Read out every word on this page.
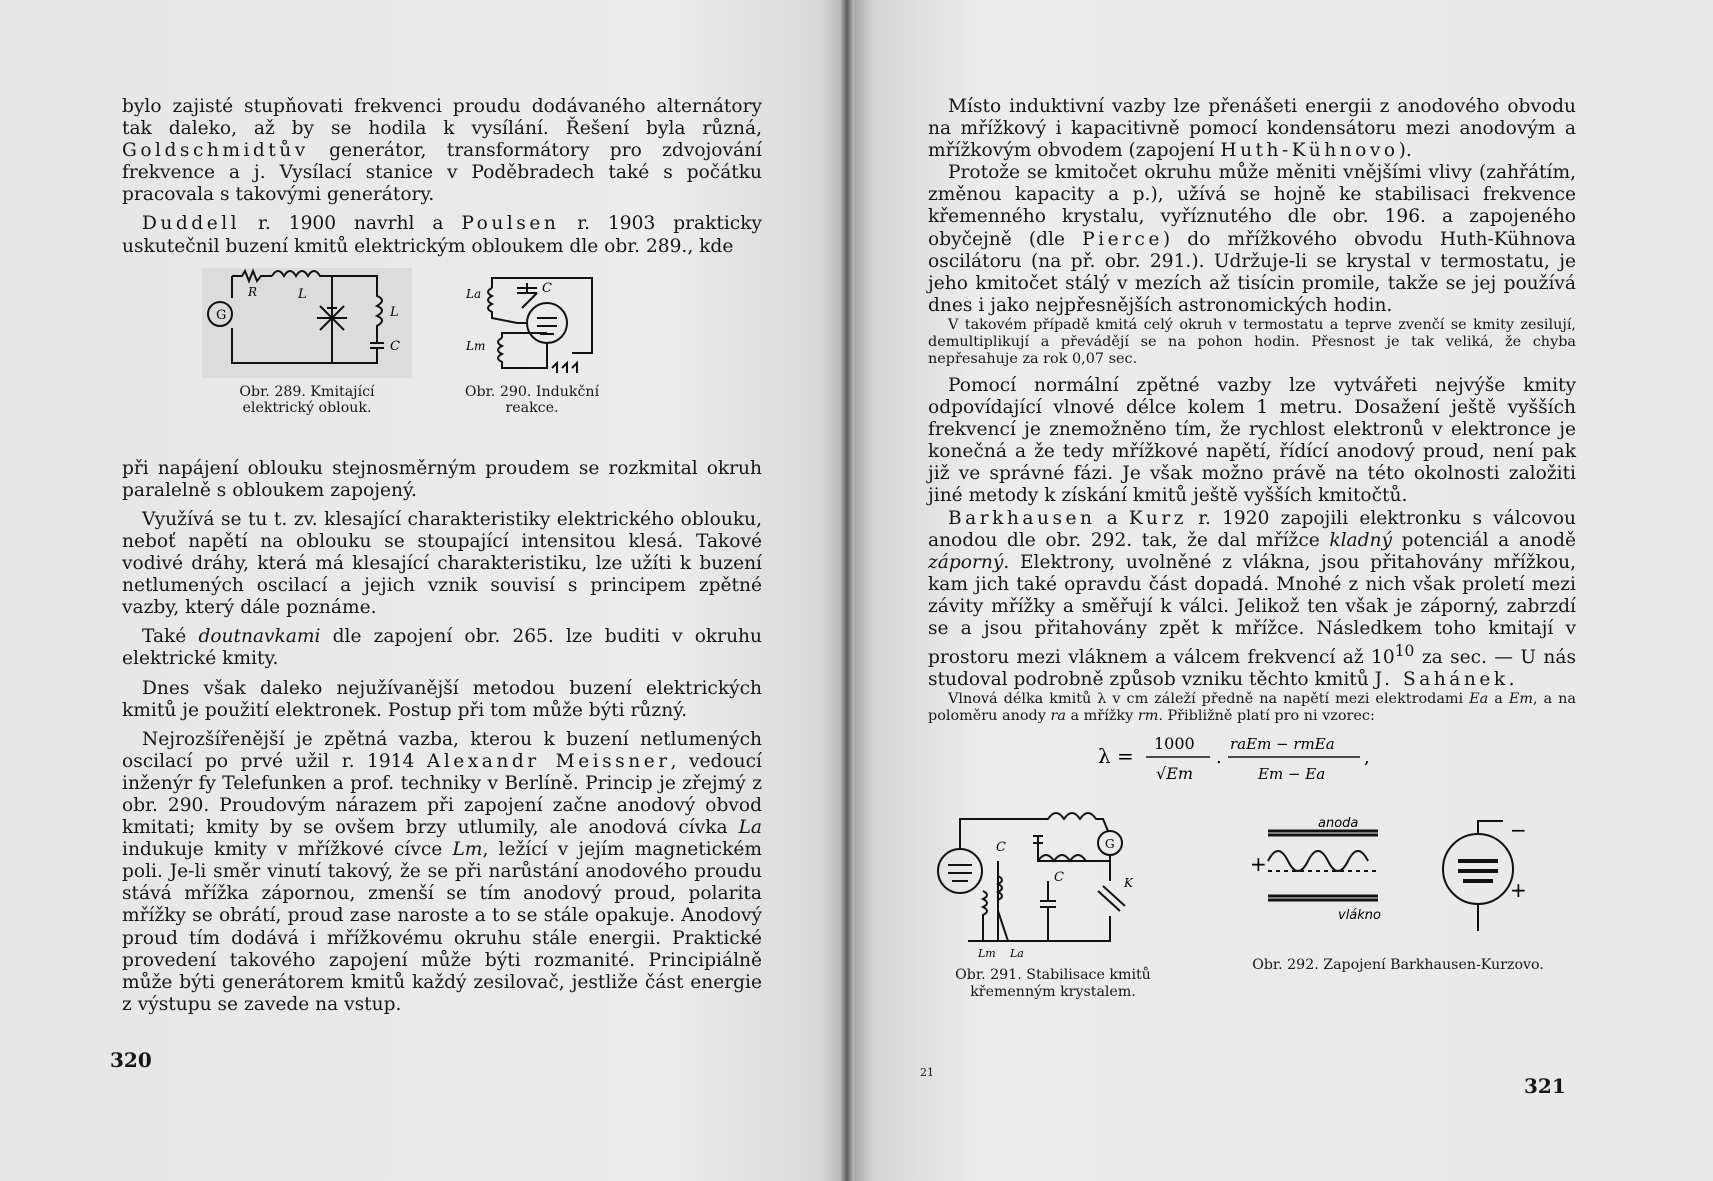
bylo zajisté stupňovati frekvenci proudu dodávaného alternátory tak daleko, až by se hodila k vysílání. Řešení byla různá, Goldschmidtův generátor, transformátory pro zdvojování frekvence a j. Vysílací stanice v Poděbradech také s počátku pracovala s takovými generátory.

Duddell r. 1900 navrhl a Poulsen r. 1903 prakticky uskutečnil buzení kmitů elektrickým obloukem dle obr. 289., kde

G
R	L
L
C
Obr. 289. Kmitající elektrický oblouk.
La
Lm
C
Obr. 290. Indukční reakce.

při napájení oblouku stejnosměrným proudem se rozkmital okruh paralelně s obloukem zapojený.

Využívá se tu t. zv. klesající charakteristiky elektrického oblouku, neboť napětí na oblouku se stoupající intensitou klesá. Takové vodivé dráhy, která má klesající charakteristiku, lze užíti k buzení netlumených oscilací a jejich vznik souvisí s principem zpětné vazby, který dále poznáme.

Také doutnavkami dle zapojení obr. 265. lze buditi v okruhu elektrické kmity.

Dnes však daleko nejužívanější metodou buzení elektrických kmitů je použití elektronek. Postup při tom může býti různý.

Nejrozšířenější je zpětná vazba, kterou k buzení netlumených oscilací po prvé užil r. 1914 Alexandr Meissner, vedoucí inženýr fy Telefunken a prof. techniky v Berlíně. Princip je zřejmý z obr. 290. Proudovým nárazem při zapojení začne anodový obvod kmitati; kmity by se ovšem brzy utlumily, ale anodová cívka La indukuje kmity v mřížkové cívce Lm, ležící v jejím magnetickém poli. Je-li směr vinutí takový, že se při narůstání anodového proudu stává mřížka zápornou, zmenší se tím anodový proud, polarita mřížky se obrátí, proud zase naroste a to se stále opakuje. Anodový proud tím dodává i mřížkovému okruhu stále energii. Praktické provedení takového zapojení může býti rozmanité. Principiálně může býti generátorem kmitů každý zesilovač, jestliže část energie z výstupu se zavede na vstup.

320

Místo induktivní vazby lze přenášeti energii z anodového obvodu na mřížkový i kapacitivně pomocí kondensátoru mezi anodovým a mřížkovým obvodem (zapojení Huth-Kühnovo).

Protože se kmitočet okruhu může měniti vnějšími vlivy (zahřátím, změnou kapacity a p.), užívá se hojně ke stabilisaci frekvence křemenného krystalu, vyříznutého dle obr. 196. a zapojeného obyčejně (dle Pierce) do mřížkového obvodu Huth-Kühnova oscilátoru (na př. obr. 291.). Udržuje-li se krystal v termostatu, je jeho kmitočet stálý v mezích až tisícin promile, takže se jej používá dnes i jako nejpřesnějších astronomických hodin.

V takovém případě kmitá celý okruh v termostatu a teprve zvenčí se kmity zesilují, demultiplikují a převádějí se na pohon hodin. Přesnost je tak veliká, že chyba nepřesahuje za rok 0,07 sec.

Pomocí normální zpětné vazby lze vytvářeti nejvýše kmity odpovídající vlnové délce kolem 1 metru. Dosažení ještě vyšších frekvencí je znemožněno tím, že rychlost elektronů v elektronce je konečná a že tedy mřížkové napětí, řídící anodový proud, není pak již ve správné fázi. Je však možno právě na této okolnosti založiti jiné metody k získání kmitů ještě vyšších kmitočtů.

Barkhausen a Kurz r. 1920 zapojili elektronku s válcovou anodou dle obr. 292. tak, že dal mřížce kladný potenciál a anodě záporný. Elektrony, uvolněné z vlákna, jsou přitahovány mřížkou, kam jich také opravdu část dopadá. Mnohé z nich však proletí mezi závity mřížky a směřují k válci. Jelikož ten však je záporný, zabrzdí se a jsou přitahovány zpět k mřížce. Následkem toho kmitají v prostoru mezi vláknem a válcem frekvencí až $10^{10}$ za sec. — U nás studoval podrobně způsob vzniku těchto kmitů J. Sahánek.

Vlnová délka kmitů λ v cm záleží předně na napětí mezi elektrodami Ea a Em, a na poloměru anody ra a mřížky rm. Přibližně platí pro ni vzorec:

λ =
1000
√Em
.
raEm − rmEa
Em − Ea
,
C
C	K
G
Lm La
Obr. 291. Stabilisace kmitů křemenným krystalem.
anoda
vlákno
+
+
−
Obr. 292. Zapojení Barkhausen-Kurzovo.
21
321
